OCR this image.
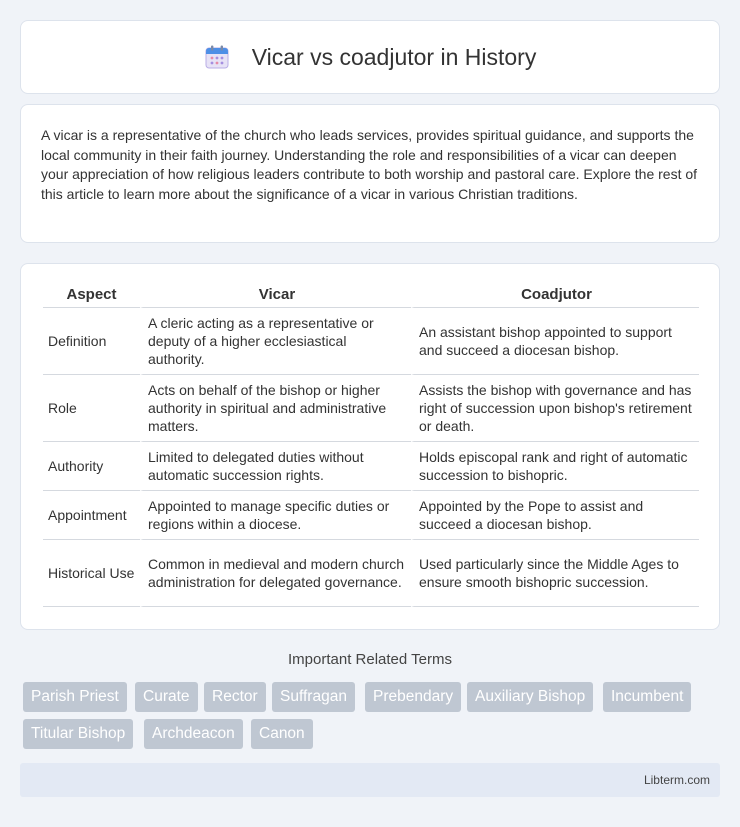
Vicar vs coadjutor in History

A vicar is a representative of the church who leads services, provides spiritual guidance, and supports the local community in their faith journey. Understanding the role and responsibilities of a vicar can deepen your appreciation of how religious leaders contribute to both worship and pastoral care. Explore the rest of this article to learn more about the significance of a vicar in various Christian traditions.

Aspect	Vicar	Coadjutor
Definition	A cleric acting as a representative or deputy of a higher ecclesiastical authority.	An assistant bishop appointed to support and succeed a diocesan bishop.
Role	Acts on behalf of the bishop or higher authority in spiritual and administrative matters.	Assists the bishop with governance and has right of succession upon bishop's retirement or death.
Authority	Limited to delegated duties without automatic succession rights.	Holds episcopal rank and right of automatic succession to bishopric.
Appointment	Appointed to manage specific duties or regions within a diocese.	Appointed by the Pope to assist and succeed a diocesan bishop.
Historical Use	Common in medieval and modern church administration for delegated governance.	Used particularly since the Middle Ages to ensure smooth bishopric succession.
Important Related Terms
Parish Priest	Curate	Rector	Suffragan	Prebendary	Auxiliary Bishop	Incumbent
Titular Bishop	Archdeacon	Canon
Libterm.com
